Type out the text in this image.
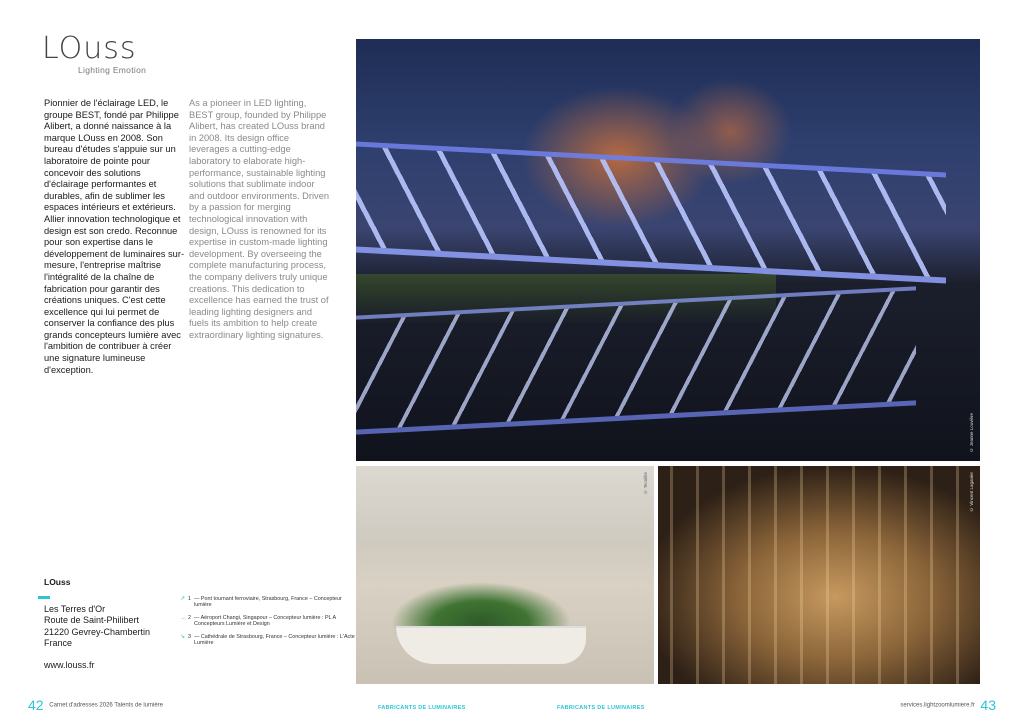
LOuss
Lighting Emotion
Pionnier de l'éclairage LED, le groupe BEST, fondé par Philippe Alibert, a donné naissance à la marque LOuss en 2008. Son bureau d'études s'appuie sur un laboratoire de pointe pour concevoir des solutions d'éclairage performantes et durables, afin de sublimer les espaces intérieurs et extérieurs. Allier innovation technologique et design est son credo. Reconnue pour son expertise dans le développement de luminaires sur-mesure, l'entreprise maîtrise l'intégralité de la chaîne de fabrication pour garantir des créations uniques. C'est cette excellence qui lui permet de conserver la confiance des plus grands concepteurs lumière avec l'ambition de contribuer à créer une signature lumineuse d'exception.
As a pioneer in LED lighting, BEST group, founded by Philippe Alibert, has created LOuss brand in 2008. Its design office leverages a cutting-edge laboratory to elaborate high-performance, sustainable lighting solutions that sublimate indoor and outdoor environments. Driven by a passion for merging technological innovation with design, LOuss is renowned for its expertise in custom-made lighting development. By overseeing the complete manufacturing process, the company delivers truly unique creations. This dedication to excellence has earned the trust of leading lighting designers and fuels its ambition to help create extraordinary lighting signatures.
LOuss
Les Terres d'Or
Route de Saint-Philibert
21220 Gevrey-Chambertin
France
www.louss.fr
↗ 1 — Pont tournant ferroviaire, Strasbourg, France – Concepteur lumière
→ 2 — Aéroport Changi, Singapour – Concepteur lumière : PL A Concepteurs Lumière et Design
↘ 3 — Cathédrale de Strasbourg, France – Concepteur lumière : L'Acte Lumière
© Jeanne Louvière
© Tecnilite	© Vincent Laganier
42 Carnet d'adresses 2026 Talents de lumière	FABRICANTS DE LUMINAIRES	FABRICANTS DE LUMINAIRES	services.lightzoomlumiere.fr 43
